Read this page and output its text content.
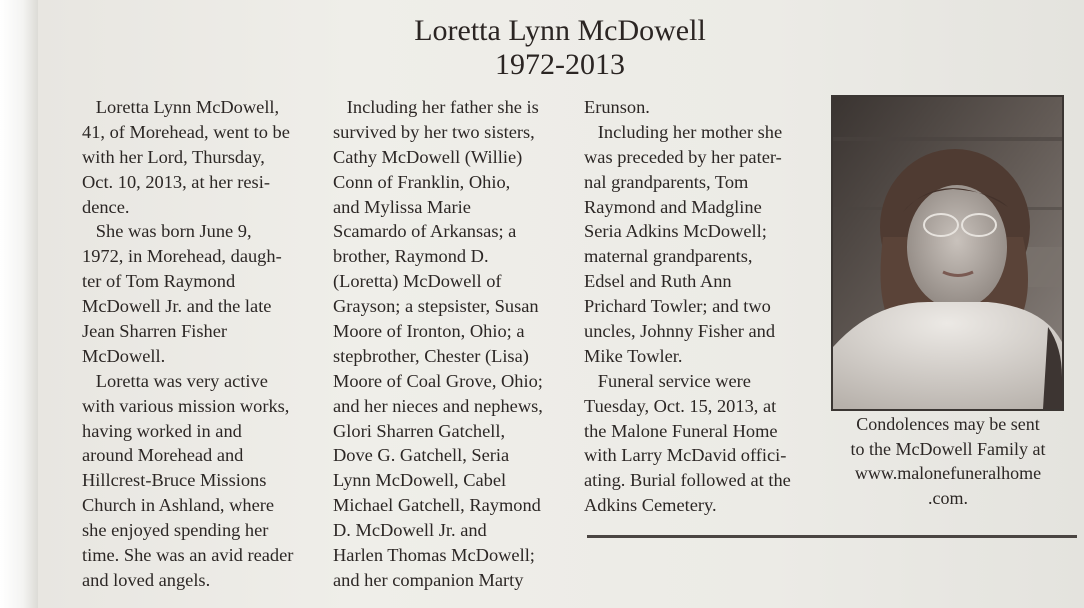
Loretta Lynn McDowell
1972-2013
Loretta Lynn McDowell,
41, of Morehead, went to be
with her Lord, Thursday,
Oct. 10, 2013, at her resi-
dence.
She was born June 9,
1972, in Morehead, daugh-
ter of Tom Raymond
McDowell Jr. and the late
Jean Sharren Fisher
McDowell.
Loretta was very active
with various mission works,
having worked in and
around Morehead and
Hillcrest-Bruce Missions
Church in Ashland, where
she enjoyed spending her
time. She was an avid reader
and loved angels.
Including her father she is
survived by her two sisters,
Cathy McDowell (Willie)
Conn of Franklin, Ohio,
and Mylissa Marie
Scamardo of Arkansas; a
brother, Raymond D.
(Loretta) McDowell of
Grayson; a stepsister, Susan
Moore of Ironton, Ohio; a
stepbrother, Chester (Lisa)
Moore of Coal Grove, Ohio;
and her nieces and nephews,
Glori Sharren Gatchell,
Dove G. Gatchell, Seria
Lynn McDowell, Cabel
Michael Gatchell, Raymond
D. McDowell Jr. and
Harlen Thomas McDowell;
and her companion Marty
Erunson.
Including her mother she
was preceded by her pater-
nal grandparents, Tom
Raymond and Madgline
Seria Adkins McDowell;
maternal grandparents,
Edsel and Ruth Ann
Prichard Towler; and two
uncles, Johnny Fisher and
Mike Towler.
Funeral service were
Tuesday, Oct. 15, 2013, at
the Malone Funeral Home
with Larry McDavid offici-
ating. Burial followed at the
Adkins Cemetery.
Condolences may be sent
to the McDowell Family at
www.malonefuneralhome
.com.
